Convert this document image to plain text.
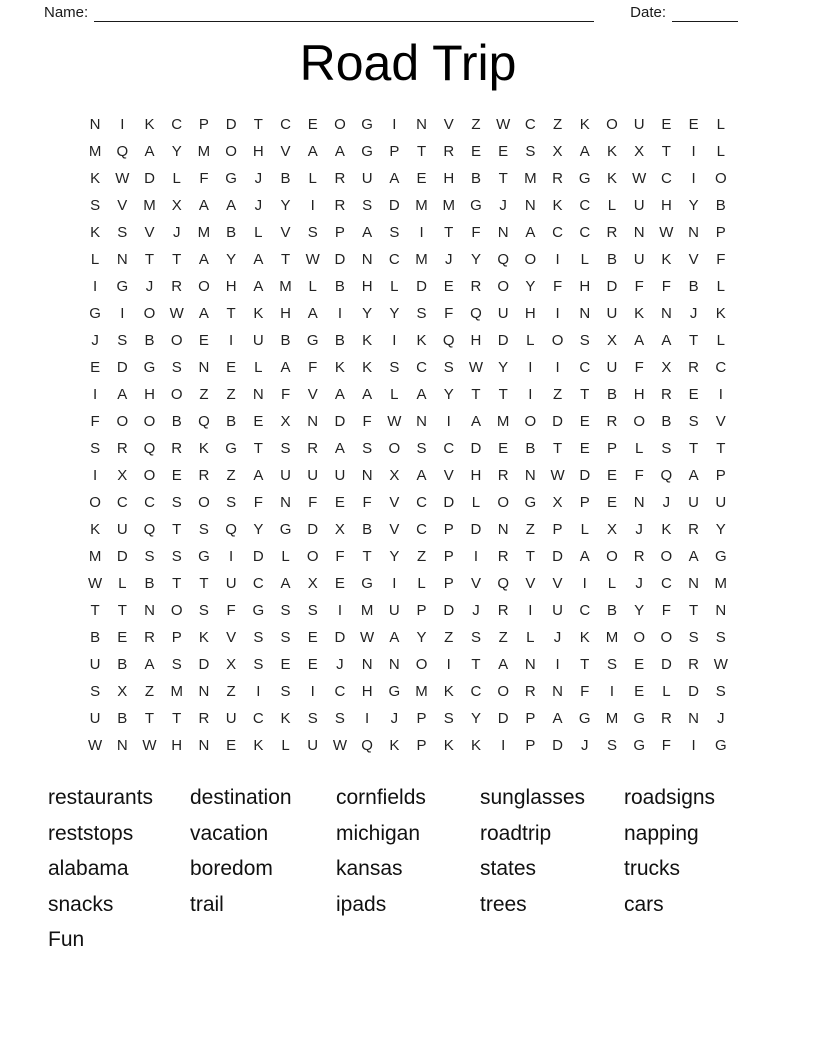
Name:	Date:
Road Trip
N	I	K	C	P	D	T	C	E	O	G	I	N	V	Z	W C	Z	K	O	U	E	E	L
M	Q	A	Y	M	O	H	V	A	A	G	P	T	R	E	E	S	X	A	K	X	T	I	L
K	W D	L	F	G	J	B	L	R	U	A	E	H	B	T	M	R	G	K	W C	I	O
S	V	M	X	A	A	J	Y	I	R	S	D	M M	G	J	N	K	C	L	U	H	Y	B
K	S	V	J	M	B	L	V	S	P	A	S	I	T	F	N	A	C	C	R	N W N	P
L	N	T	T	A	Y	A	T	W D	N	C	M	J	Y	Q	O	I	L	B	U	K	V	F
I	G	J	R	O	H	A	M	L	B	H	L	D	E	R	O	Y	F	H	D	F	F	B	L
G	I	O W	A	T	K	H	A	I	Y	Y	S	F	Q	U	H	I	N	U	K	N	J	K
J	S	B	O	E	I	U	B	G	B	K	I	K	Q	H	D	L	O	S	X	A	A	T	L
E	D	G	S	N	E	L	A	F	K	K	S	C	S	W	Y	I	I	C	U	F	X	R	C
I	A	H	O	Z	Z	N	F	V	A	A	L	A	Y	T	T	I	Z	T	B	H	R	E	I
F	O	O	B	Q	B	E	X	N	D	F	W N	I	A	M	O	D	E	R	O	B	S	V
S	R	Q	R	K	G	T	S	R	A	S	O	S	C	D	E	B	T	E	P	L	S	T	T
I	X	O	E	R	Z	A	U	U	U	N	X	A	V	H	R	N W D	E	F	Q	A	P
O	C	C	S	O	S	F	N	F	E	F	V	C	D	L	O	G	X	P	E	N	J	U	U
K	U	Q	T	S	Q	Y	G	D	X	B	V	C	P	D	N	Z	P	L	X	J	K	R	Y
M	D	S	S	G	I	D	L	O	F	T	Y	Z	P	I	R	T	D	A	O	R	O	A	G
W	L	B	T	T	U	C	A	X	E	G	I	L	P	V	Q	V	V	I	L	J	C	N	M
T	T	N	O	S	F	G	S	S	I	M	U	P	D	J	R	I	U	C	B	Y	F	T	N
B	E	R	P	K	V	S	S	E	D W	A	Y	Z	S	Z	L	J	K	M	O	O	S	S
U	B	A	S	D	X	S	E	E	J	N	N	O	I	T	A	N	I	T	S	E	D	R W
S	X	Z	M	N	Z	I	S	I	C	H	G	M	K	C	O	R	N	F	I	E	L	D	S
U	B	T	T	R	U	C	K	S	S	I	J	P	S	Y	D	P	A	G	M	G	R	N	J
W N W H	N	E	K	L	U W Q	K	P	K	K	I	P	D	J	S	G	F	I	G
restaurants
reststops
alabama
snacks
Fun
destination
vacation
boredom
trail
cornfields
michigan
kansas
ipads
sunglasses
roadtrip
states
trees
roadsigns
napping
trucks
cars
